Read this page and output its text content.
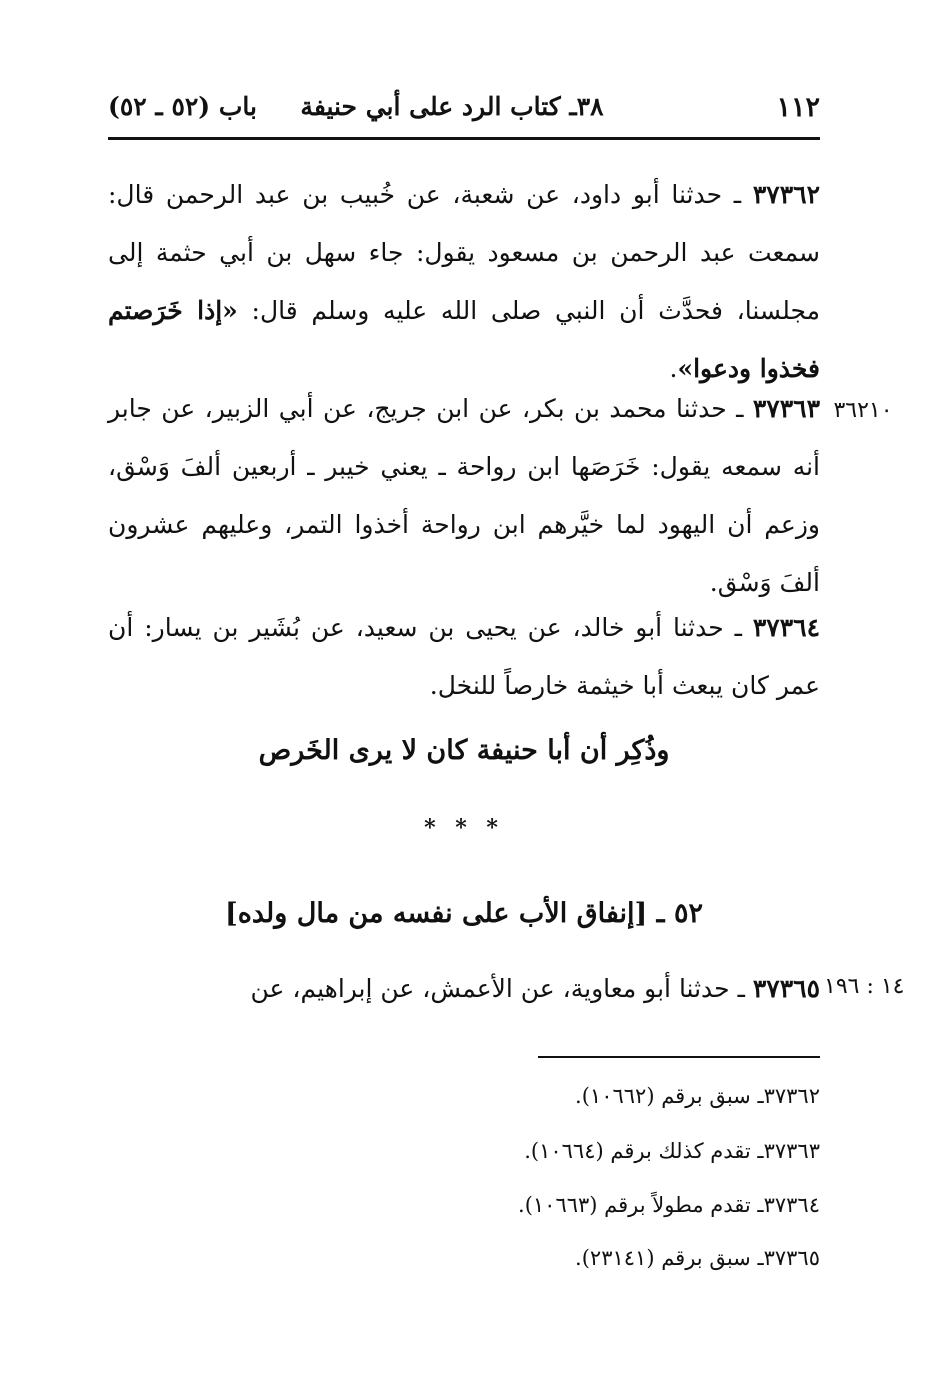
١١٢
٣٨ـ كتاب الرد على أبي حنيفة
باب (٥٢ ـ ٥٢)
٣٧٣٦٢ ـ حدثنا أبو داود، عن شعبة، عن خُبيب بن عبد الرحمن قال: سمعت عبد الرحمن بن مسعود يقول: جاء سهل بن أبي حثمة إلى مجلسنا، فحدَّث أن النبي صلى الله عليه وسلم قال: «إذا خَرَصتم فخذوا ودعوا».
٣٦٢١٠
٣٧٣٦٣ ـ حدثنا محمد بن بكر، عن ابن جريج، عن أبي الزبير، عن جابر أنه سمعه يقول: خَرَصَها ابن رواحة ـ يعني خيبر ـ أربعين ألفَ وَسْق، وزعم أن اليهود لما خيَّرهم ابن رواحة أخذوا التمر، وعليهم عشرون ألفَ وَسْق.
٣٧٣٦٤ ـ حدثنا أبو خالد، عن يحيى بن سعيد، عن بُشَير بن يسار: أن عمر كان يبعث أبا خيثمة خارصاً للنخل.
وذُكِر أن أبا حنيفة كان لا يرى الخَرص
* * *
٥٢ ـ [إنفاق الأب على نفسه من مال ولده]
١٤ : ١٩٦
٣٧٣٦٥ ـ حدثنا أبو معاوية، عن الأعمش، عن إبراهيم، عن
٣٧٣٦٢ـ سبق برقم (١٠٦٦٢).
٣٧٣٦٣ـ تقدم كذلك برقم (١٠٦٦٤).
٣٧٣٦٤ـ تقدم مطولاً برقم (١٠٦٦٣).
٣٧٣٦٥ـ سبق برقم (٢٣١٤١).
